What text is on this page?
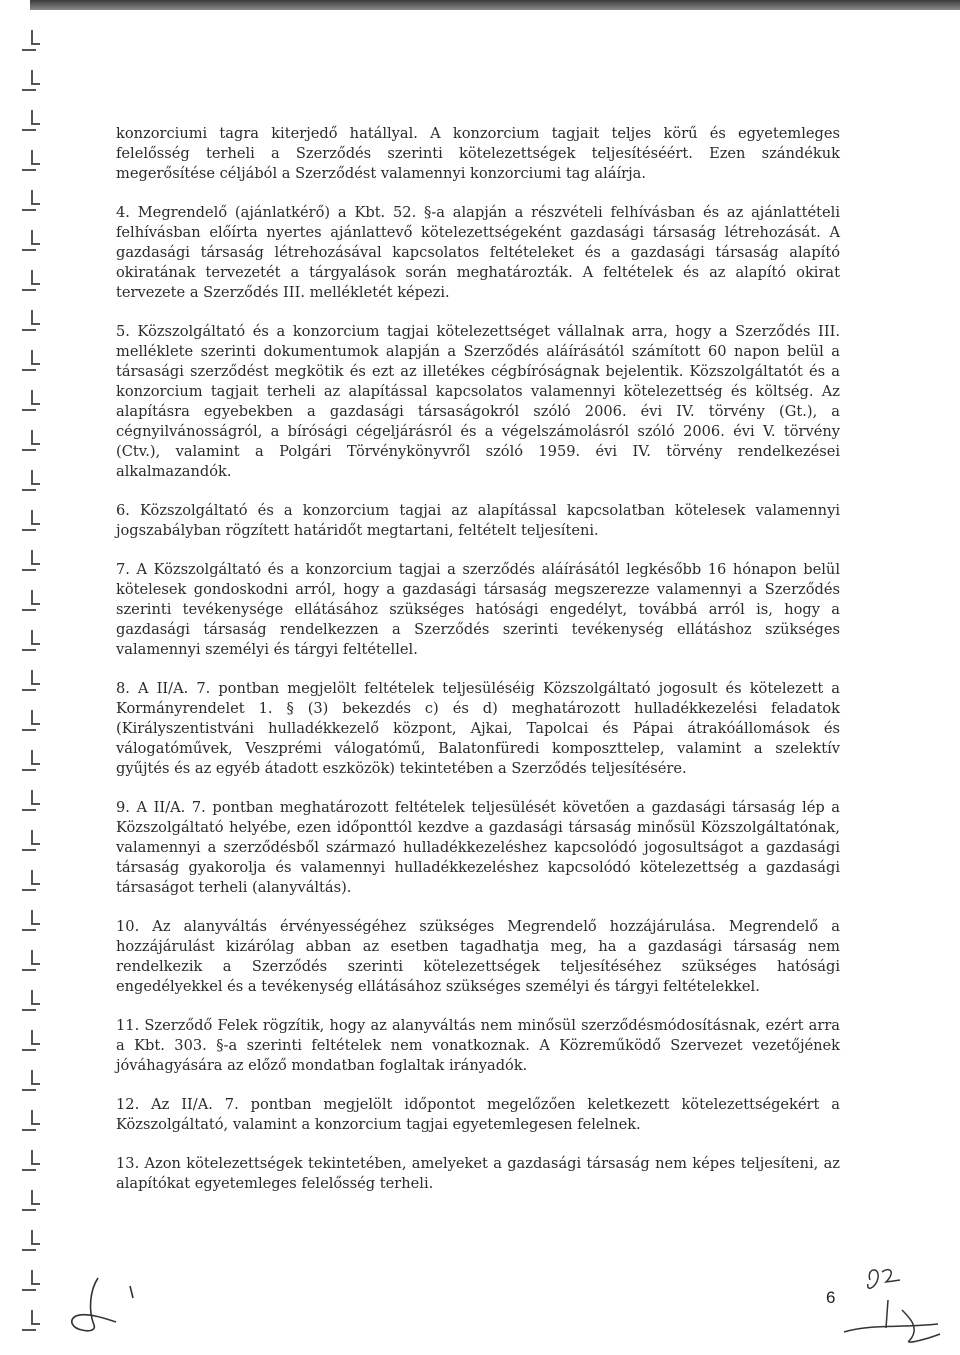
konzorciumi tagra kiterjedő hatállyal. A konzorcium tagjait teljes körű és egyetemleges felelősség terheli a Szerződés szerinti kötelezettségek teljesítéséért. Ezen szándékuk megerősítése céljából a Szerződést valamennyi konzorciumi tag aláírja.

4. Megrendelő (ajánlatkérő) a Kbt. 52. §-a alapján a részvételi felhívásban és az ajánlattételi felhívásban előírta nyertes ajánlattevő kötelezettségeként gazdasági társaság létrehozását. A gazdasági társaság létrehozásával kapcsolatos feltételeket és a gazdasági társaság alapító okiratának tervezetét a tárgyalások során meghatározták. A feltételek és az alapító okirat tervezete a Szerződés III. mellékletét képezi.

5. Közszolgáltató és a konzorcium tagjai kötelezettséget vállalnak arra, hogy a Szerződés III. melléklete szerinti dokumentumok alapján a Szerződés aláírásától számított 60 napon belül a társasági szerződést megkötik és ezt az illetékes cégbíróságnak bejelentik. Közszolgáltatót és a konzorcium tagjait terheli az alapítással kapcsolatos valamennyi kötelezettség és költség. Az alapításra egyebekben a gazdasági társaságokról szóló 2006. évi IV. törvény (Gt.), a cégnyilvánosságról, a bírósági cégeljárásról és a végelszámolásról szóló 2006. évi V. törvény (Ctv.), valamint a Polgári Törvénykönyvről szóló 1959. évi IV. törvény rendelkezései alkalmazandók.

6. Közszolgáltató és a konzorcium tagjai az alapítással kapcsolatban kötelesek valamennyi jogszabályban rögzített határidőt megtartani, feltételt teljesíteni.

7. A Közszolgáltató és a konzorcium tagjai a szerződés aláírásától legkésőbb 16 hónapon belül kötelesek gondoskodni arról, hogy a gazdasági társaság megszerezze valamennyi a Szerződés szerinti tevékenysége ellátásához szükséges hatósági engedélyt, továbbá arról is, hogy a gazdasági társaság rendelkezzen a Szerződés szerinti tevékenység ellátáshoz szükséges valamennyi személyi és tárgyi feltétellel.

8. A II/A. 7. pontban megjelölt feltételek teljesüléséig Közszolgáltató jogosult és kötelezett a Kormányrendelet 1. § (3) bekezdés c) és d) meghatározott hulladékkezelési feladatok (Királyszentistváni hulladékkezelő központ, Ajkai, Tapolcai és Pápai átrakóállomások és válogatóművek, Veszprémi válogatómű, Balatonfüredi komposztteleр, valamint a szelektív gyűjtés és az egyéb átadott eszközök) tekintetében a Szerződés teljesítésére.

9. A II/A. 7. pontban meghatározott feltételek teljesülését követően a gazdasági társaság lép a Közszolgáltató helyébe, ezen időponttól kezdve a gazdasági társaság minősül Közszolgáltatónak, valamennyi a szerződésből származó hulladékkezeléshez kapcsolódó jogosultságot a gazdasági társaság gyakorolja és valamennyi hulladékkezeléshez kapcsolódó kötelezettség a gazdasági társaságot terheli (alanyváltás).

10. Az alanyváltás érvényességéhez szükséges Megrendelő hozzájárulása. Megrendelő a hozzájárulást kizárólag abban az esetben tagadhatja meg, ha a gazdasági társaság nem rendelkezik a Szerződés szerinti kötelezettségek teljesítéséhez szükséges hatósági engedélyekkel és a tevékenység ellátásához szükséges személyi és tárgyi feltételekkel.

11. Szerződő Felek rögzítik, hogy az alanyváltás nem minősül szerződésmódosításnak, ezért arra a Kbt. 303. §-a szerinti feltételek nem vonatkoznak. A Közreműködő Szervezet vezetőjének jóváhagyására az előző mondatban foglaltak irányadók.

12. Az II/A. 7. pontban megjelölt időpontot megelőzően keletkezett kötelezettségekért a Közszolgáltató, valamint a konzorcium tagjai egyetemlegesen felelnek.

13. Azon kötelezettségek tekintetében, amelyeket a gazdasági társaság nem képes teljesíteni, az alapítókat egyetemleges felelősség terheli.

6
